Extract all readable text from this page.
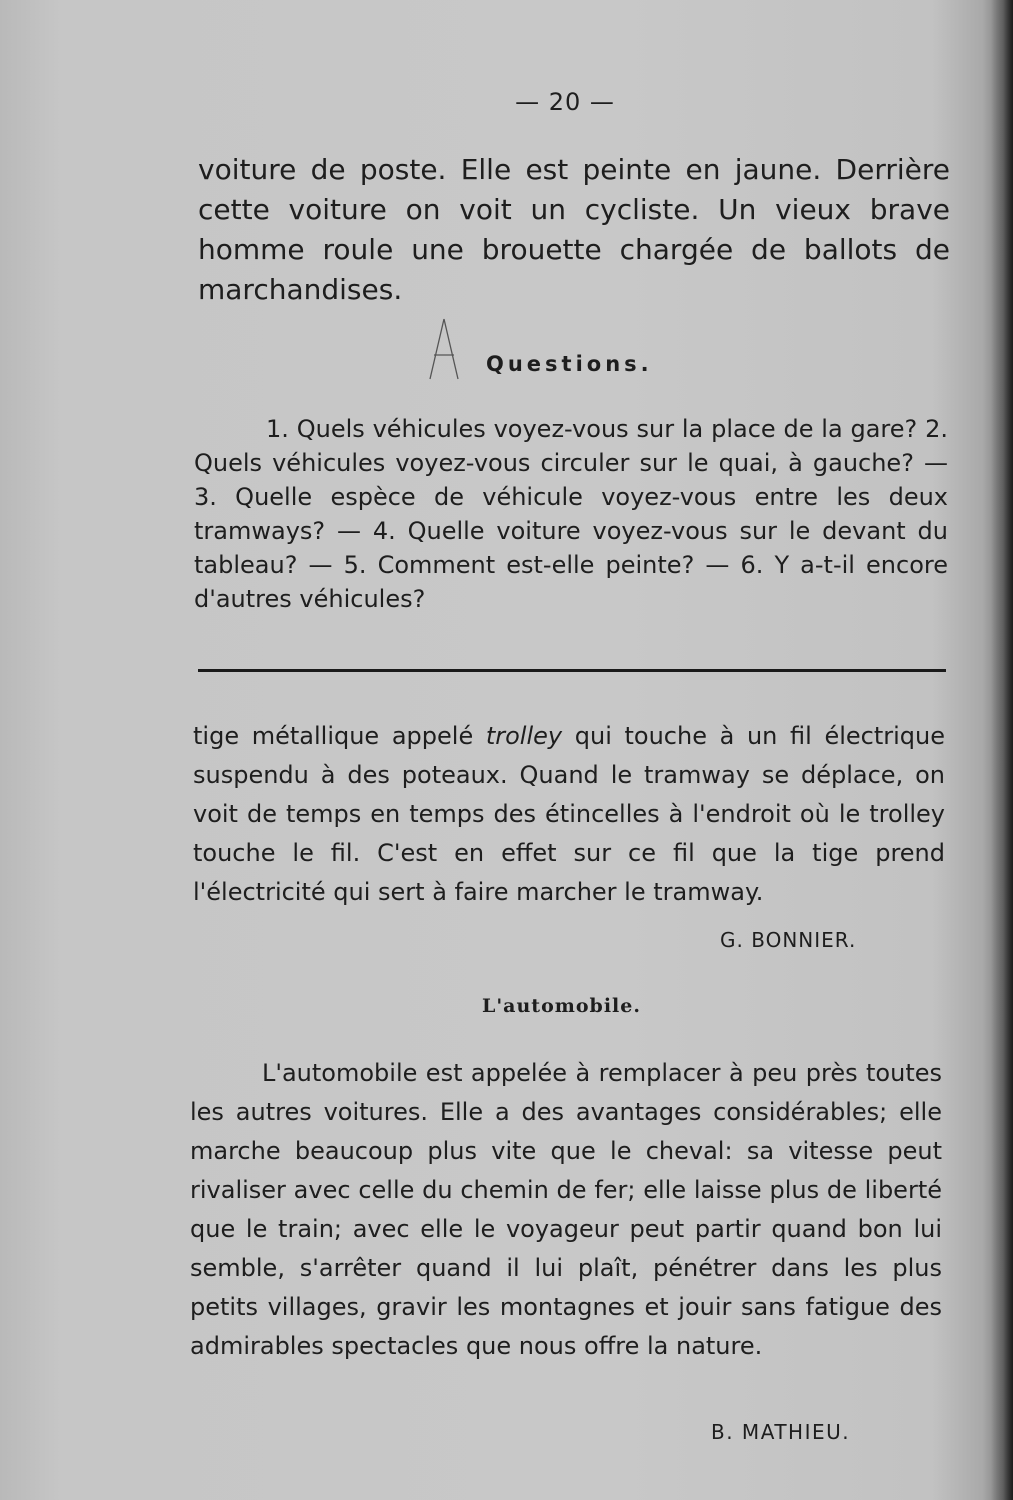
— 20 —

voiture de poste. Elle est peinte en jaune. Derrière cette voiture on voit un cycliste. Un vieux brave homme roule une brouette chargée de ballots de marchandises.

Questions.

1. Quels véhicules voyez-vous sur la place de la gare? 2. Quels véhicules voyez-vous circuler sur le quai, à gauche? — 3. Quelle espèce de véhicule voyez-vous entre les deux tramways? — 4. Quelle voiture voyez-vous sur le devant du tableau? — 5. Comment est-elle peinte? — 6. Y a-t-il encore d'autres véhicules?

tige métallique appelé trolley qui touche à un fil électrique suspendu à des poteaux. Quand le tramway se déplace, on voit de temps en temps des étincelles à l'endroit où le trolley touche le fil. C'est en effet sur ce fil que la tige prend l'électricité qui sert à faire marcher le tramway.

G. BONNIER.
L'automobile.

L'automobile est appelée à remplacer à peu près toutes les autres voitures. Elle a des avantages considérables; elle marche beaucoup plus vite que le cheval: sa vitesse peut rivaliser avec celle du chemin de fer; elle laisse plus de liberté que le train; avec elle le voyageur peut partir quand bon lui semble, s'arrêter quand il lui plaît, pénétrer dans les plus petits villages, gravir les montagnes et jouir sans fatigue des admirables spectacles que nous offre la nature.

B. MATHIEU.
